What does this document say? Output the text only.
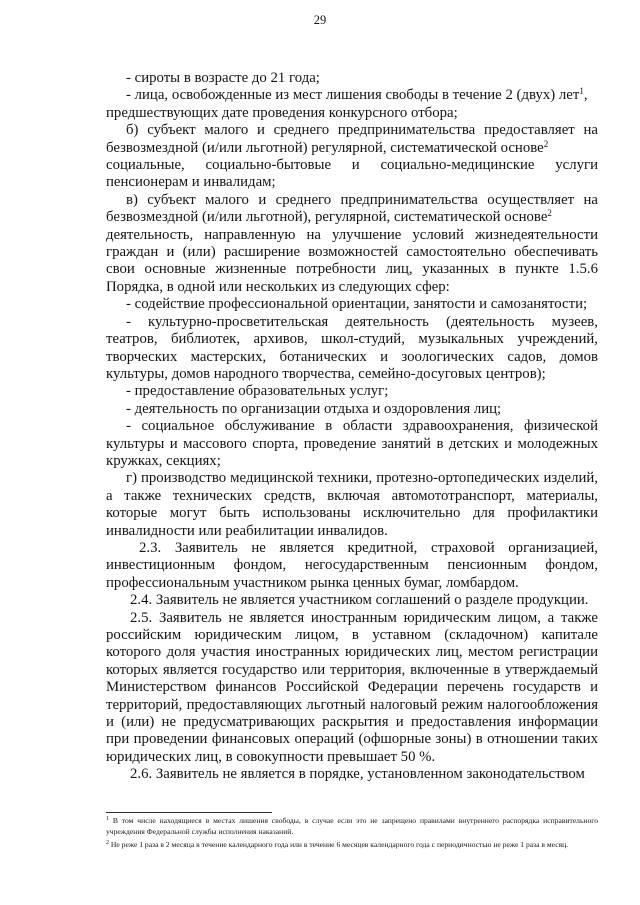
29

- сироты в возрасте до 21 года;

- лица, освобожденные из мест лишения свободы в течение 2 (двух) лет$^1$,

предшествующих дате проведения конкурсного отбора;

б) субъект малого и среднего предпринимательства предоставляет на безвозмездной (и/или льготной) регулярной, систематической основе$^2$

социальные, социально-бытовые и социально-медицинские услуги пенсионерам и инвалидам;

в) субъект малого и среднего предпринимательства осуществляет на безвозмездной (и/или льготной), регулярной, систематической основе$^2$

деятельность, направленную на улучшение условий жизнедеятельности граждан и (или) расширение возможностей самостоятельно обеспечивать свои основные жизненные потребности лиц, указанных в пункте 1.5.6 Порядка, в одной или нескольких из следующих сфер:

- содействие профессиональной ориентации, занятости и самозанятости;

- культурно-просветительская деятельность (деятельность музеев, театров, библиотек, архивов, школ-студий, музыкальных учреждений, творческих мастерских, ботанических и зоологических садов, домов культуры, домов народного творчества, семейно-досуговых центров);

- предоставление образовательных услуг;

- деятельность по организации отдыха и оздоровления лиц;

- социальное обслуживание в области здравоохранения, физической культуры и массового спорта, проведение занятий в детских и молодежных кружках, секциях;

г) производство медицинской техники, протезно-ортопедических изделий, а также технических средств, включая автомототранспорт, материалы, которые могут быть использованы исключительно для профилактики инвалидности или реабилитации инвалидов.

2.3. Заявитель не является кредитной, страховой организацией, инвестиционным фондом, негосударственным пенсионным фондом, профессиональным участником рынка ценных бумаг, ломбардом.

2.4. Заявитель не является участником соглашений о разделе продукции.

2.5. Заявитель не является иностранным юридическим лицом, а также российским юридическим лицом, в уставном (складочном) капитале которого доля участия иностранных юридических лиц, местом регистрации которых является государство или территория, включенные в утверждаемый Министерством финансов Российской Федерации перечень государств и территорий, предоставляющих льготный налоговый режим налогообложения и (или) не предусматривающих раскрытия и предоставления информации при проведении финансовых операций (офшорные зоны) в отношении таких юридических лиц, в совокупности превышает 50 %.

2.6. Заявитель не является в порядке, установленном законодательством

$^1$ В том числе находящиеся в местах лишения свободы, в случае если это не запрещено правилами внутреннего распорядка исправительного учреждения Федеральной службы исполнения наказаний.
$^2$ Не реже 1 раза в 2 месяца в течение календарного года или в течение 6 месяцев календарного года с периодичностью не реже 1 раза в месяц.
